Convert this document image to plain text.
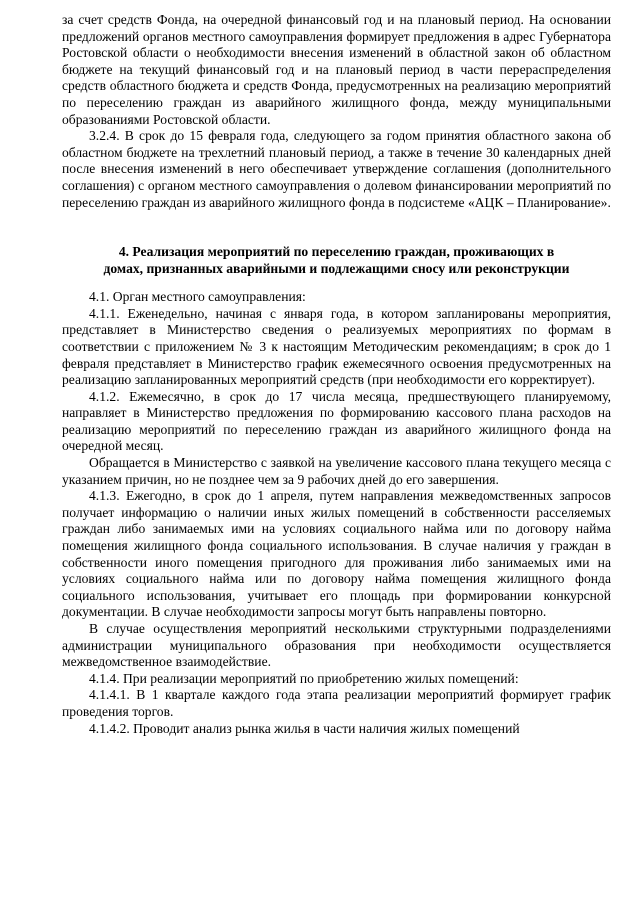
за счет средств Фонда, на очередной финансовый год и на плановый период. На основании предложений органов местного самоуправления формирует предложения в адрес Губернатора Ростовской области о необходимости внесения изменений в областной закон об областном бюджете на текущий финансовый год и на плановый период в части перераспределения средств областного бюджета и средств Фонда, предусмотренных на реализацию мероприятий по переселению граждан из аварийного жилищного фонда, между муниципальными образованиями Ростовской области.

3.2.4. В срок до 15 февраля года, следующего за годом принятия областного закона об областном бюджете на трехлетний плановый период, а также в течение 30 календарных дней после внесения изменений в него обеспечивает утверждение соглашения (дополнительного соглашения) с органом местного самоуправления о долевом финансировании мероприятий по переселению граждан из аварийного жилищного фонда в подсистеме «АЦК – Планирование».

4. Реализация мероприятий по переселению граждан, проживающих в
домах, признанных аварийными и подлежащими сносу или реконструкции

4.1. Орган местного самоуправления:

4.1.1. Еженедельно, начиная с января года, в котором запланированы мероприятия, представляет в Министерство сведения о реализуемых мероприятиях по формам в соответствии с приложением № 3 к настоящим Методическим рекомендациям; в срок до 1 февраля представляет в Министерство график ежемесячного освоения предусмотренных на реализацию запланированных мероприятий средств (при необходимости его корректирует).

4.1.2. Ежемесячно, в срок до 17 числа месяца, предшествующего планируемому, направляет в Министерство предложения по формированию кассового плана расходов на реализацию мероприятий по переселению граждан из аварийного жилищного фонда на очередной месяц.

Обращается в Министерство с заявкой на увеличение кассового плана текущего месяца с указанием причин, но не позднее чем за 9 рабочих дней до его завершения.

4.1.3. Ежегодно, в срок до 1 апреля, путем направления межведомственных запросов получает информацию о наличии иных жилых помещений в собственности расселяемых граждан либо занимаемых ими на условиях социального найма или по договору найма помещения жилищного фонда социального использования. В случае наличия у граждан в собственности иного помещения пригодного для проживания либо занимаемых ими на условиях социального найма или по договору найма помещения жилищного фонда социального использования, учитывает его площадь при формировании конкурсной документации. В случае необходимости запросы могут быть направлены повторно.

В случае осуществления мероприятий несколькими структурными подразделениями администрации муниципального образования при необходимости осуществляется межведомственное взаимодействие.

4.1.4. При реализации мероприятий по приобретению жилых помещений:

4.1.4.1. В 1 квартале каждого года этапа реализации мероприятий формирует график проведения торгов.

4.1.4.2. Проводит анализ рынка жилья в части наличия жилых помещений
